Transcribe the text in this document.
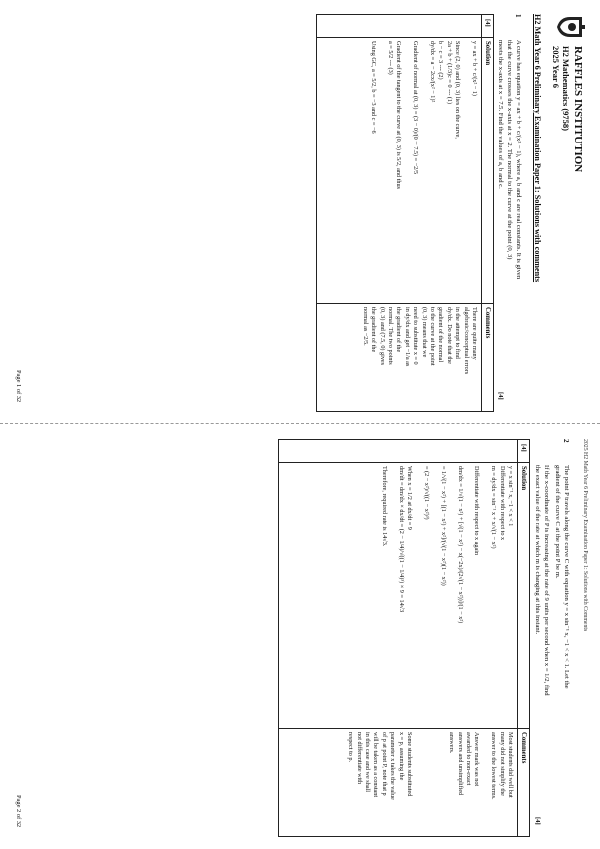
RAFFLES INSTITUTION
H2 Mathematics (9758)
2025 Year 6
H2 Math Year 6 Preliminary Examination Paper 1: Solutions with comments
1
A curve has equation y = ax + b + c/(x² − 1), where a, b and c are real constants. It is given
that the curve crosses the x-axis at x = 2. The normal to the curve at the point (0, 3)
meets the x-axis at x = 7.5. Find the values of a, b and c.
[4]
[4]
Solution
Comments
y = ax + b + c/(x² − 1)

Since (2, 0) and (0, 3) lies on the curve,
2a + b + (1/3)c = 0 --- (1)
b − c = 3 --- (2)
dy/dx = a − 2cx/(x² − 1)²

Gradient of normal at (0, 3) = (3 − 0)/(0 − 7.5) = −2/5

Gradient of the tangent to the curve at (0, 3) is 5/2, and thus
a = 5/2 --- (3)

Using GC, a = 5/2, b = −3 and c = −6
There are quite many
algebraic/conceptual errors
in the attempt to find
dy/dx. Do note that the
gradient of the normal
to the curve at the point
(0, 3) means that we
need to substitute x = 0
in dy/dx and get −1/a as
the gradient of the
normal. The two points
(0, 3) and (7.5, 0) gives
the gradient of the
normal as −2/5.
Page 1 of 32
2025 H2 Math Year 6 Preliminary Examination Paper 1: Solutions with Comments
2
The point P travels along the curve C with equation y = x sin⁻¹ x, −1 < x < 1. Let the
gradient of the curve C at the point P be m.
If the x-coordinate of P is increasing at the rate of 9 units per second when x = 1/2, find
the exact value of the rate at which m is changing at this instant.
[4]
[4]
Solution
Comments
y = x sin⁻¹ x, −1 < x < 1
Differentiate with respect to x
m = dy/dx = sin⁻¹ x + x/√(1 − x²)

Differentiate with respect to x again

dm/dx = 1/√(1 − x²) + [√(1 − x²) − x(−2x)/(2√(1 − x²))]/(1 − x²)

= 1/√(1 − x²) + [(1 − x²) + x²]/(√(1 − x²)(1 − x²))

= (2 − x²)/√((1 − x²)³)

When x = 1/2 at dx/dt = 9
dm/dt = dm/dx × dx/dt = (2 − 1/4)/√((1 − 1/4)³) × 9 = 14√3

Therefore, required rate is 14√3.
Most students did well but
many did not simplify the
answer to the lowest terms.

Answer mark was not
awarded to non-exact
answers and unsimplified
answers.

Some students substituted
x = p, assuming the
parameter x takes the value
of p at point P, note that p
will be taken as a constant
in this case and we shall
not differentiate with
respect to p.
Page 2 of 32
